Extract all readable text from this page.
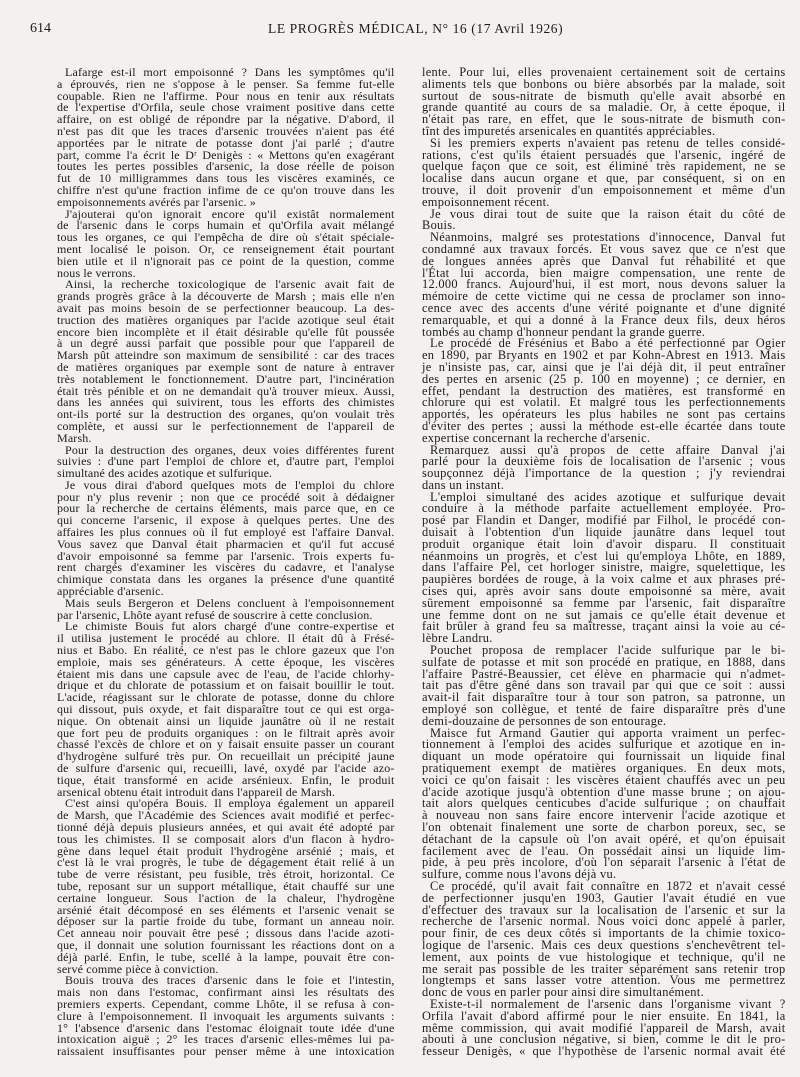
614	LE PROGRÈS MÉDICAL, N° 16 (17 Avril 1926)
Lafarge est-il mort empoisonné ? Dans les symptômes qu'il
a éprouvés, rien ne s'oppose à le penser. Sa femme fut-elle
coupable. Rien ne l'affirme. Pour nous en tenir aux résultats
de l'expertise d'Orfila, seule chose vraiment positive dans cette
affaire, on est obligé de répondre par la négative. D'abord, il
n'est pas dit que les traces d'arsenic trouvées n'aient pas été
apportées par le nitrate de potasse dont j'ai parlé ; d'autre
part, comme l'a écrit le Dʳ Denigès : « Mettons qu'en exagérant
toutes les pertes possibles d'arsenic, la dose réelle de poison
fut de 10 milligrammes dans tous les viscères examinés, ce
chiffre n'est qu'une fraction infime de ce qu'on trouve dans les
empoisonnements avérés par l'arsenic. »
J'ajouterai qu'on ignorait encore qu'il existât normalement
de l'arsenic dans le corps humain et qu'Orfila avait mélangé
tous les organes, ce qui l'empêcha de dire où s'était spéciale-
ment localisé le poison. Or, ce renseignement était pourtant
bien utile et il n'ignorait pas ce point de la question, comme
nous le verrons.
Ainsi, la recherche toxicologique de l'arsenic avait fait de
grands progrès grâce à la découverte de Marsh ; mais elle n'en
avait pas moins besoin de se perfectionner beaucoup. La des-
truction des matières organiques par l'acide azotique seul était
encore bien incomplète et il était désirable qu'elle fût poussée
à un degré aussi parfait que possible pour que l'appareil de
Marsh pût atteindre son maximum de sensibilité : car des traces
de matières organiques par exemple sont de nature à entraver
très notablement le fonctionnement. D'autre part, l'incinération
était très pénible et on ne demandait qu'à trouver mieux. Aussi,
dans les années qui suivirent, tous les efforts des chimistes
ont-ils porté sur la destruction des organes, qu'on voulait très
complète, et aussi sur le perfectionnement de l'appareil de
Marsh.
Pour la destruction des organes, deux voies différentes furent
suivies : d'une part l'emploi de chlore et, d'autre part, l'emploi
simultané des acides azotique et sulfurique.
Je vous dirai d'abord quelques mots de l'emploi du chlore
pour n'y plus revenir ; non que ce procédé soit à dédaigner
pour la recherche de certains éléments, mais parce que, en ce
qui concerne l'arsenic, il expose à quelques pertes. Une des
affaires les plus connues où il fut employé est l'affaire Danval.
Vous savez que Danval était pharmacien et qu'il fut accusé
d'avoir empoisonné sa femme par l'arsenic. Trois experts fu-
rent chargés d'examiner les viscères du cadavre, et l'analyse
chimique constata dans les organes la présence d'une quantité
appréciable d'arsenic.
Mais seuls Bergeron et Delens concluent à l'empoisonnement
par l'arsenic, Lhôte ayant refusé de souscrire à cette conclusion.
Le chimiste Bouis fut alors chargé d'une contre-expertise et
il utilisa justement le procédé au chlore. Il était dû à Frésé-
nius et Babo. En réalité, ce n'est pas le chlore gazeux que l'on
emploie, mais ses générateurs. A cette époque, les viscères
étaient mis dans une capsule avec de l'eau, de l'acide chlorhy-
drique et du chlorate de potassium et on faisait bouillir le tout.
L'acide, réagissant sur le chlorate de potasse, donne du chlore
qui dissout, puis oxyde, et fait disparaître tout ce qui est orga-
nique. On obtenait ainsi un liquide jaunâtre où il ne restait
que fort peu de produits organiques : on le filtrait après avoir
chassé l'excès de chlore et on y faisait ensuite passer un courant
d'hydrogène sulfuré très pur. On recueillait un précipité jaune
de sulfure d'arsenic qui, recueilli, lavé, oxydé par l'acide azo-
tique, était transformé en acide arsénieux. Enfin, le produit
arsenical obtenu était introduit dans l'appareil de Marsh.
C'est ainsi qu'opéra Bouis. Il employa également un appareil
de Marsh, que l'Académie des Sciences avait modifié et perfec-
tionné déjà depuis plusieurs années, et qui avait été adopté par
tous les chimistes. Il se composait alors d'un flacon à hydro-
gène dans lequel était produit l'hydrogène arsénié ; mais, et
c'est là le vrai progrès, le tube de dégagement était relié à un
tube de verre résistant, peu fusible, très étroit, horizontal. Ce
tube, reposant sur un support métallique, était chauffé sur une
certaine longueur. Sous l'action de la chaleur, l'hydrogène
arsénié était décomposé en ses éléments et l'arsenic venait se
déposer sur la partie froide du tube, formant un anneau noir.
Cet anneau noir pouvait être pesé ; dissous dans l'acide azoti-
que, il donnait une solution fournissant les réactions dont on a
déjà parlé. Enfin, le tube, scellé à la lampe, pouvait être con-
servé comme pièce à conviction.
Bouis trouva des traces d'arsenic dans le foie et l'intestin,
mais non dans l'estomac, confirmant ainsi les résultats des
premiers experts. Cependant, comme Lhôte, il se refusa à con-
clure à l'empoisonnement. Il invoquait les arguments suivants :
1° l'absence d'arsenic dans l'estomac éloignait toute idée d'une
intoxication aiguë ; 2° les traces d'arsenic elles-mêmes lui pa-
raissaient insuffisantes pour penser même à une intoxication
lente. Pour lui, elles provenaient certainement soit de certains
aliments tels que bonbons ou bière absorbés par la malade, soit
surtout de sous-nitrate de bismuth qu'elle avait absorbé en
grande quantité au cours de sa maladie. Or, à cette époque, il
n'était pas rare, en effet, que le sous-nitrate de bismuth con-
tînt des impuretés arsenicales en quantités appréciables.
Si les premiers experts n'avaient pas retenu de telles considé-
rations, c'est qu'ils étaient persuadés que l'arsenic, ingéré de
quelque façon que ce soit, est éliminé très rapidement, ne se
localise dans aucun organe et que, par conséquent, si on en
trouve, il doit provenir d'un empoisonnement et même d'un
empoisonnement récent.
Je vous dirai tout de suite que la raison était du côté de
Bouis.
Néanmoins, malgré ses protestations d'innocence, Danval fut
condamné aux travaux forcés. Et vous savez que ce n'est que
de longues années après que Danval fut réhabilité et que
l'État lui accorda, bien maigre compensation, une rente de
12.000 francs. Aujourd'hui, il est mort, nous devons saluer la
mémoire de cette victime qui ne cessa de proclamer son inno-
cence avec des accents d'une vérité poignante et d'une dignité
remarquable, et qui a donné à la France deux fils, deux héros
tombés au champ d'honneur pendant la grande guerre.
Le procédé de Frésénius et Babo a été perfectionné par Ogier
en 1890, par Bryants en 1902 et par Kohn-Abrest en 1913. Mais
je n'insiste pas, car, ainsi que je l'ai déjà dit, il peut entraîner
des pertes en arsenic (25 p. 100 en moyenne) ; ce dernier, en
effet, pendant la destruction des matières, est transformé en
chlorure qui est volatil. Et malgré tous les perfectionnements
apportés, les opérateurs les plus habiles ne sont pas certains
d'éviter des pertes ; aussi la méthode est-elle écartée dans toute
expertise concernant la recherche d'arsenic.
Remarquez aussi qu'à propos de cette affaire Danval j'ai
parlé pour la deuxième fois de localisation de l'arsenic ; vous
soupçonnez déjà l'importance de la question ; j'y reviendrai
dans un instant.
L'emploi simultané des acides azotique et sulfurique devait
conduire à la méthode parfaite actuellement employée. Pro-
posé par Flandin et Danger, modifié par Filhol, le procédé con-
duisait à l'obtention d'un liquide jaunâtre dans lequel tout
produit organique était loin d'avoir disparu. Il constituait
néanmoins un progrès, et c'est lui qu'employa Lhôte, en 1889,
dans l'affaire Pel, cet horloger sinistre, maigre, squelettique, les
paupières bordées de rouge, à la voix calme et aux phrases pré-
cises qui, après avoir sans doute empoisonné sa mère, avait
sûrement empoisonné sa femme par l'arsenic, fait disparaître
une femme dont on ne sut jamais ce qu'elle était devenue et
fait brûler à grand feu sa maîtresse, traçant ainsi la voie au cé-
lèbre Landru.
Pouchet proposa de remplacer l'acide sulfurique par le bi-
sulfate de potasse et mit son procédé en pratique, en 1888, dans
l'affaire Pastré-Beaussier, cet élève en pharmacie qui n'admet-
tait pas d'être gêné dans son travail par qui que ce soit : aussi
avait-il fait disparaître tour à tour son patron, sa patronne, un
employé son collègue, et tenté de faire disparaître près d'une
demi-douzaine de personnes de son entourage.
Maisce fut Armand Gautier qui apporta vraiment un perfec-
tionnement à l'emploi des acides sulfurique et azotique en in-
diquant un mode opératoire qui fournissait un liquide final
pratiquement exempt de matières organiques. En deux mots,
voici ce qu'on faisait : les viscères étaient chauffés avec un peu
d'acide azotique jusqu'à obtention d'une masse brune ; on ajou-
tait alors quelques centicubes d'acide sulfurique ; on chauffait
à nouveau non sans faire encore intervenir l'acide azotique et
l'on obtenait finalement une sorte de charbon poreux, sec, se
détachant de la capsule où l'on avait opéré, et qu'on épuisait
facilement avec de l'eau. On possédait ainsi un liquide lim-
pide, à peu près incolore, d'où l'on séparait l'arsenic à l'état de
sulfure, comme nous l'avons déjà vu.
Ce procédé, qu'il avait fait connaître en 1872 et n'avait cessé
de perfectionner jusqu'en 1903, Gautier l'avait étudié en vue
d'effectuer des travaux sur la localisation de l'arsenic et sur la
recherche de l'arsenic normal. Nous voici donc appelé à parler,
pour finir, de ces deux côtés si importants de la chimie toxico-
logique de l'arsenic. Mais ces deux questions s'enchevêtrent tel-
lement, aux points de vue histologique et technique, qu'il ne
me serait pas possible de les traiter séparément sans retenir trop
longtemps et sans lasser votre attention. Vous me permettrez
donc de vous en parler pour ainsi dire simultanément.
Existe-t-il normalement de l'arsenic dans l'organisme vivant ?
Orfila l'avait d'abord affirmé pour le nier ensuite. En 1841, la
même commission, qui avait modifié l'appareil de Marsh, avait
abouti à une conclusion négative, si bien, comme le dit le pro-
fesseur Denigès, « que l'hypothèse de l'arsenic normal avait été
